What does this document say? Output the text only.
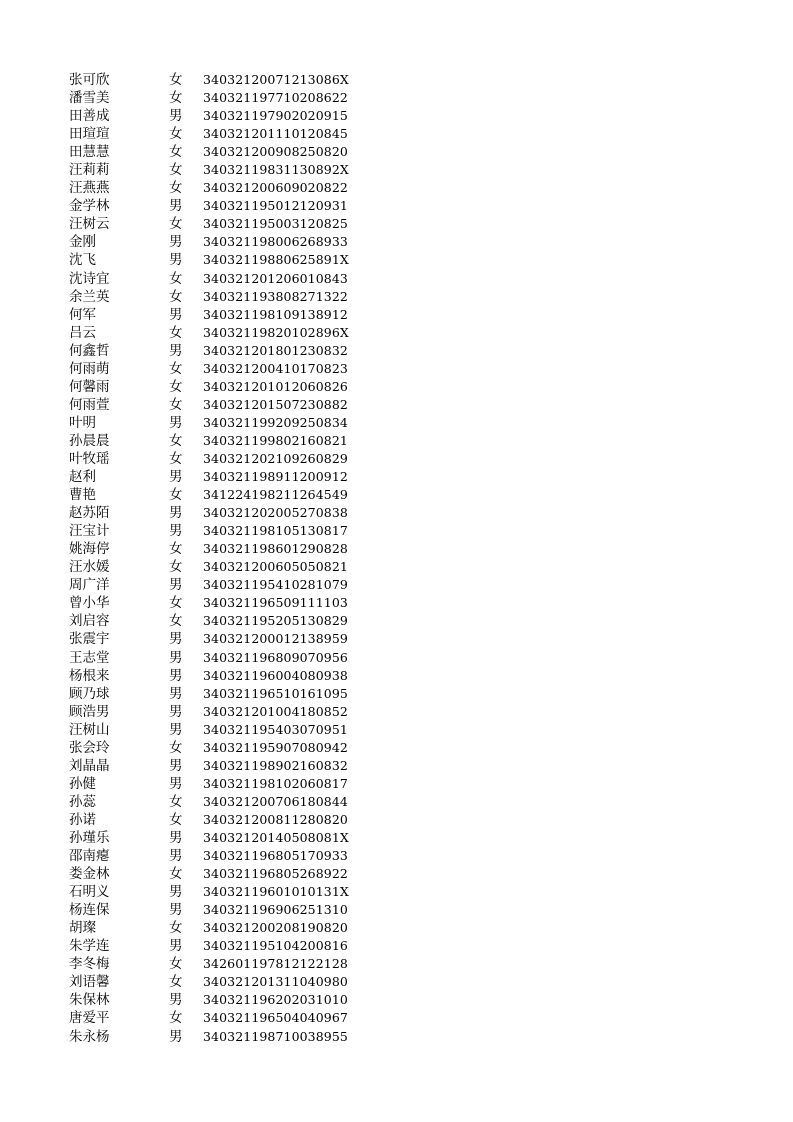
张可欣	女	34032120071213086X
潘雪美	女	340321197710208622
田善成	男	340321197902020915
田瑄瑄	女	340321201110120845
田慧慧	女	340321200908250820
汪莉莉	女	34032119831130892X
汪燕燕	女	340321200609020822
金学林	男	340321195012120931
汪树云	女	340321195003120825
金刚	男	340321198006268933
沈飞	男	34032119880625891X
沈诗宜	女	340321201206010843
余兰英	女	340321193808271322
何军	男	340321198109138912
吕云	女	34032119820102896X
何鑫哲	男	340321201801230832
何雨萌	女	340321200410170823
何馨雨	女	340321201012060826
何雨萱	女	340321201507230882
叶明	男	340321199209250834
孙晨晨	女	340321199802160821
叶牧瑶	女	340321202109260829
赵利	男	340321198911200912
曹艳	女	341224198211264549
赵苏陌	男	340321202005270838
汪宝计	男	340321198105130817
姚海停	女	340321198601290828
汪水媛	女	340321200605050821
周广洋	男	340321195410281079
曾小华	女	340321196509111103
刘启容	女	340321195205130829
张震宇	男	340321200012138959
王志堂	男	340321196809070956
杨根来	男	340321196004080938
顾乃球	男	340321196510161095
顾浩男	男	340321201004180852
汪树山	男	340321195403070951
张会玲	女	340321195907080942
刘晶晶	男	340321198902160832
孙健	男	340321198102060817
孙蕊	女	340321200706180844
孙诺	女	340321200811280820
孙瑾乐	男	34032120140508081X
邵南瘪	男	340321196805170933
娄金林	女	340321196805268922
石明义	男	34032119601010131X
杨连保	男	340321196906251310
胡璨	女	340321200208190820
朱学连	男	340321195104200816
李冬梅	女	342601197812122128
刘语馨	女	340321201311040980
朱保林	男	340321196202031010
唐爱平	女	340321196504040967
朱永杨	男	340321198710038955
